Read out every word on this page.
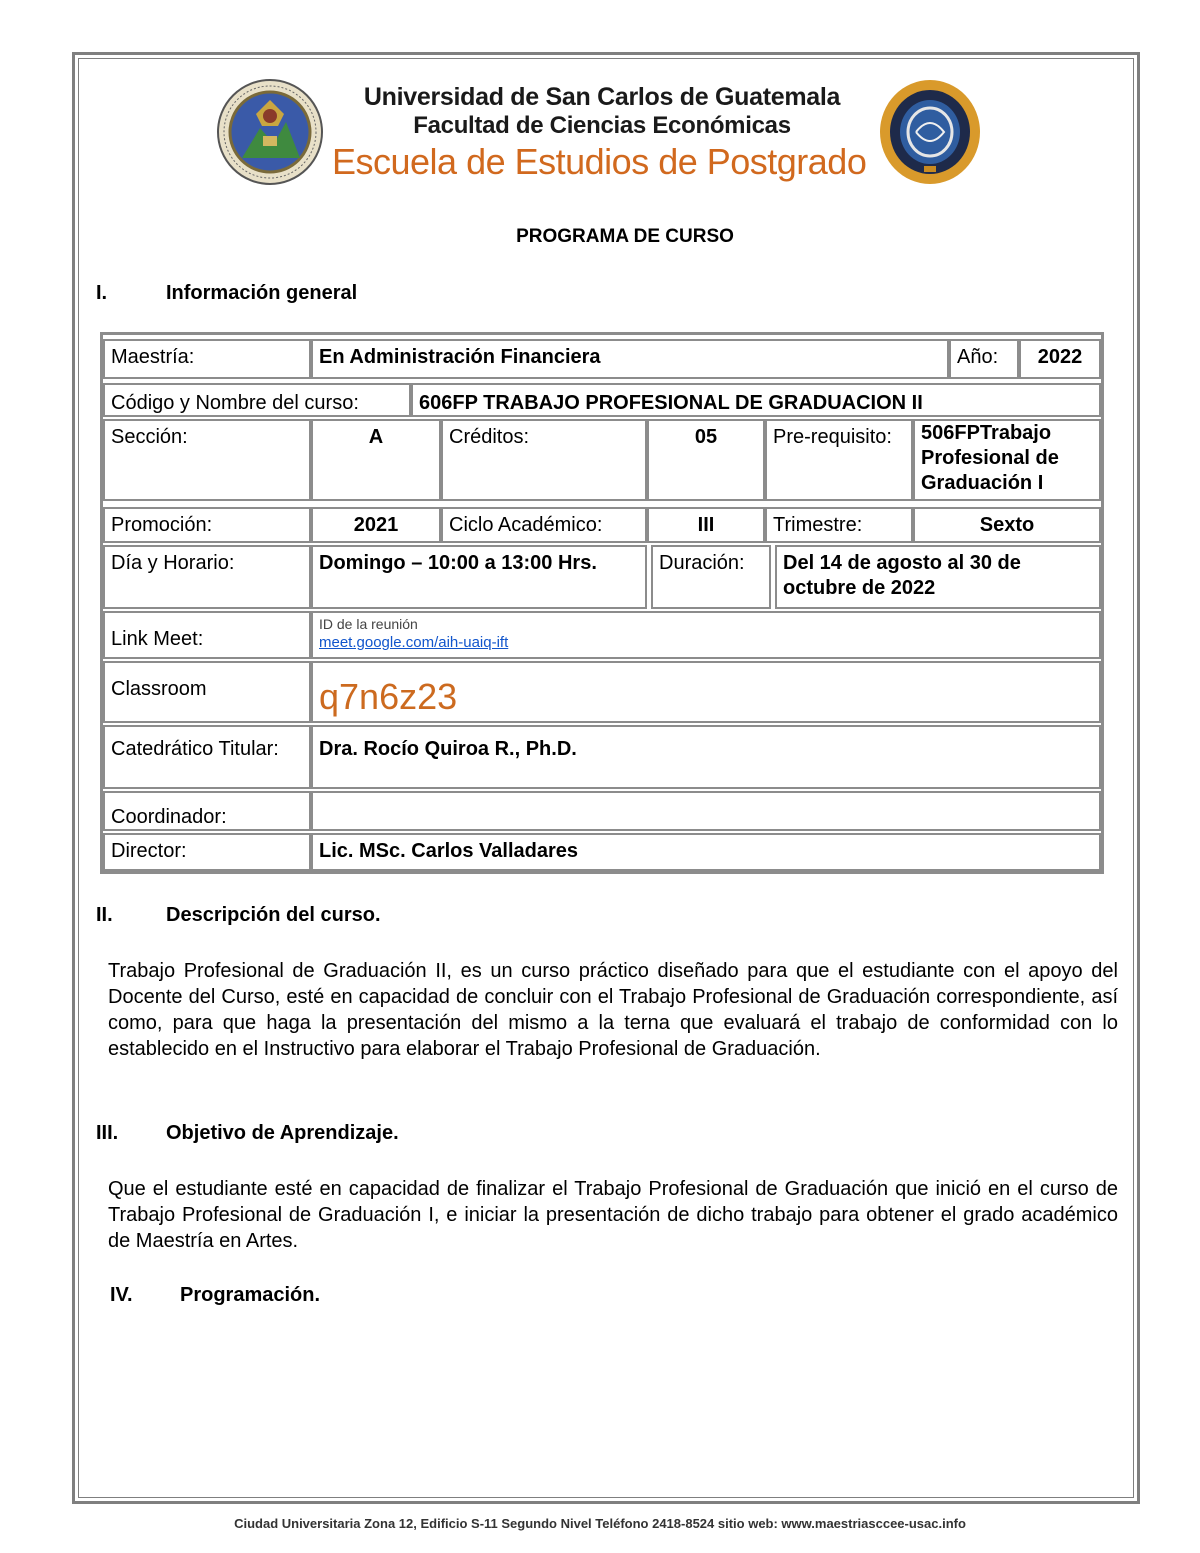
Universidad de San Carlos de Guatemala
Facultad de Ciencias Económicas
Escuela de Estudios de Postgrado
PROGRAMA DE CURSO
I.	Información general
Maestría:	En Administración Financiera	Año:	2022
Código y Nombre del curso:	606FP TRABAJO PROFESIONAL DE GRADUACION II
Sección:	A	Créditos:	05	Pre-requisito:	506FPTrabajo Profesional de Graduación I
Promoción:	2021	Ciclo Académico:	III	Trimestre:	Sexto
Día y Horario:	Domingo – 10:00 a 13:00 Hrs.	Duración:	Del 14 de agosto al 30 de octubre de 2022
Link Meet:
ID de la reunión
meet.google.com/aih-uaiq-ift
Classroom	q7n6z23
Catedrático Titular:	Dra. Rocío Quiroa R., Ph.D.
Coordinador:
Director:	Lic. MSc. Carlos Valladares
II.	Descripción del curso.
Trabajo Profesional de Graduación II, es un curso práctico diseñado para que el estudiante con el apoyo del Docente del Curso, esté en capacidad de concluir con el Trabajo Profesional de Graduación correspondiente, así como, para que haga la presentación del mismo a la terna que evaluará el trabajo de conformidad con lo establecido en el Instructivo para elaborar el Trabajo Profesional de Graduación.
III. Objetivo de Aprendizaje.
Que el estudiante esté en capacidad de finalizar el Trabajo Profesional de Graduación que inició en el curso de Trabajo Profesional de Graduación I, e iniciar la presentación de dicho trabajo para obtener el grado académico de Maestría en Artes.
IV. Programación.
Ciudad Universitaria Zona 12, Edificio S-11 Segundo Nivel Teléfono 2418-8524 sitio web: www.maestriasccee-usac.info
